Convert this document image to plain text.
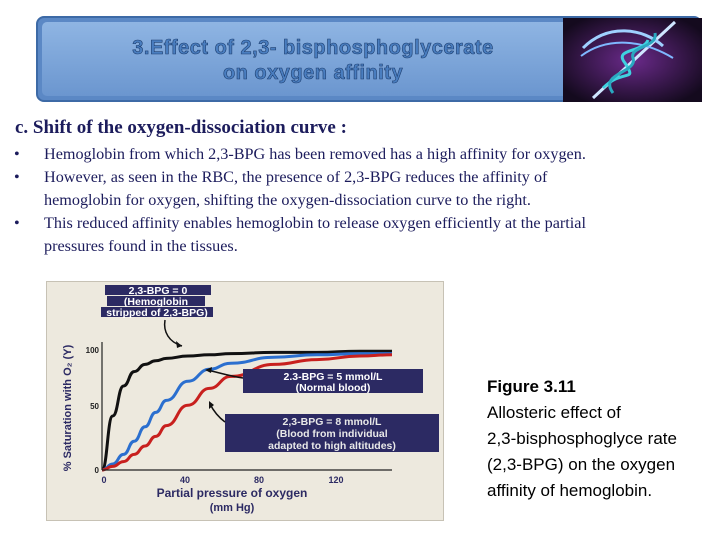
3.Effect of 2,3- bisphosphoglycerate
on oxygen affinity
c. Shift of the oxygen-dissociation curve :
• Hemoglobin from which 2,3-BPG has been removed has a high affinity for oxygen.
• However, as seen in the RBC, the presence of 2,3-BPG reduces the affinity of
hemoglobin for oxygen, shifting the oxygen-dissociation curve to the right.
• This reduced affinity enables hemoglobin to release oxygen efficiently at the partial
pressures found in the tissues.
% Saturation with O₂ (Y) 100
50
0
0	40	80	120
Partial pressure of oxygen
(mm Hg)
2,3-BPG = 0
(Hemoglobin
stripped of 2,3-BPG)
2.3-BPG = 5 mmol/L
(Normal blood)
2,3-BPG = 8 mmol/L
(Blood from individual
adapted to high altitudes)
Figure 3.11
Allosteric effect of
2,3-bisphosphoglyce rate
(2,3-BPG) on the oxygen
affinity of hemoglobin.
